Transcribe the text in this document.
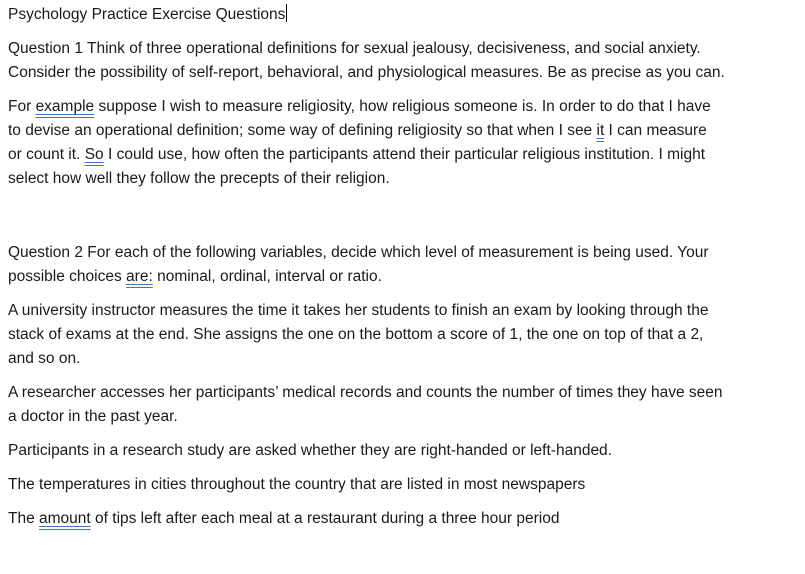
Psychology Practice Exercise Questions

Question 1 Think of three operational definitions for sexual jealousy, decisiveness, and social anxiety.
Consider the possibility of self-report, behavioral, and physiological measures. Be as precise as you can.

For example suppose I wish to measure religiosity, how religious someone is. In order to do that I have
to devise an operational definition; some way of defining religiosity so that when I see it I can measure
or count it. So I could use, how often the participants attend their particular religious institution. I might
select how well they follow the precepts of their religion.

Question 2 For each of the following variables, decide which level of measurement is being used. Your
possible choices are: nominal, ordinal, interval or ratio.

A university instructor measures the time it takes her students to finish an exam by looking through the
stack of exams at the end. She assigns the one on the bottom a score of 1, the one on top of that a 2,
and so on.

A researcher accesses her participants’ medical records and counts the number of times they have seen
a doctor in the past year.

Participants in a research study are asked whether they are right-handed or left-handed.

The temperatures in cities throughout the country that are listed in most newspapers

The amount of tips left after each meal at a restaurant during a three hour period
